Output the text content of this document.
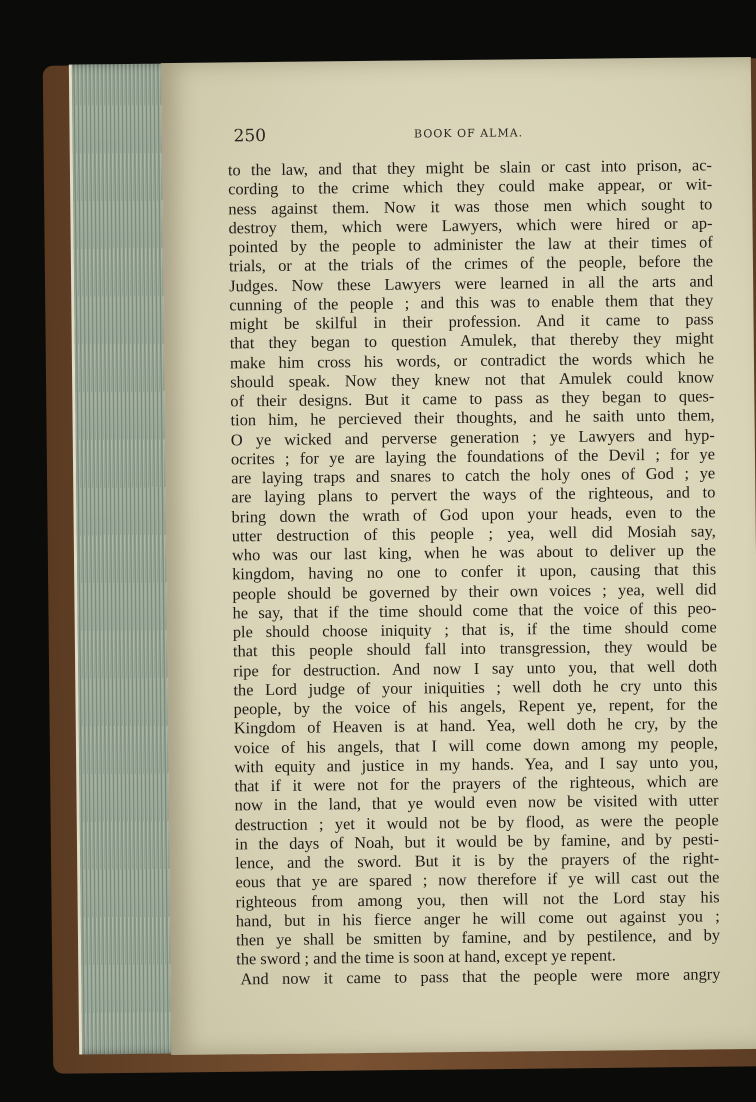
250	BOOK OF ALMA.
to the law, and that they might be slain or cast into prison, ac-
cording to the crime which they could make appear, or wit-
ness against them. Now it was those men which sought to
destroy them, which were Lawyers, which were hired or ap-
pointed by the people to administer the law at their times of
trials, or at the trials of the crimes of the people, before the
Judges. Now these Lawyers were learned in all the arts and
cunning of the people ; and this was to enable them that they
might be skilful in their profession. And it came to pass
that they began to question Amulek, that thereby they might
make him cross his words, or contradict the words which he
should speak. Now they knew not that Amulek could know
of their designs. But it came to pass as they began to ques-
tion him, he percieved their thoughts, and he saith unto them,
O ye wicked and perverse generation ; ye Lawyers and hyp-
ocrites ; for ye are laying the foundations of the Devil ; for ye
are laying traps and snares to catch the holy ones of God ; ye
are laying plans to pervert the ways of the righteous, and to
bring down the wrath of God upon your heads, even to the
utter destruction of this people ; yea, well did Mosiah say,
who was our last king, when he was about to deliver up the
kingdom, having no one to confer it upon, causing that this
people should be governed by their own voices ; yea, well did
he say, that if the time should come that the voice of this peo-
ple should choose iniquity ; that is, if the time should come
that this people should fall into transgression, they would be
ripe for destruction. And now I say unto you, that well doth
the Lord judge of your iniquities ; well doth he cry unto this
people, by the voice of his angels, Repent ye, repent, for the
Kingdom of Heaven is at hand. Yea, well doth he cry, by the
voice of his angels, that I will come down among my people,
with equity and justice in my hands. Yea, and I say unto you,
that if it were not for the prayers of the righteous, which are
now in the land, that ye would even now be visited with utter
destruction ; yet it would not be by flood, as were the people
in the days of Noah, but it would be by famine, and by pesti-
lence, and the sword. But it is by the prayers of the right-
eous that ye are spared ; now therefore if ye will cast out the
righteous from among you, then will not the Lord stay his
hand, but in his fierce anger he will come out against you ;
then ye shall be smitten by famine, and by pestilence, and by
the sword ; and the time is soon at hand, except ye repent.
And now it came to pass that the people were more angry
